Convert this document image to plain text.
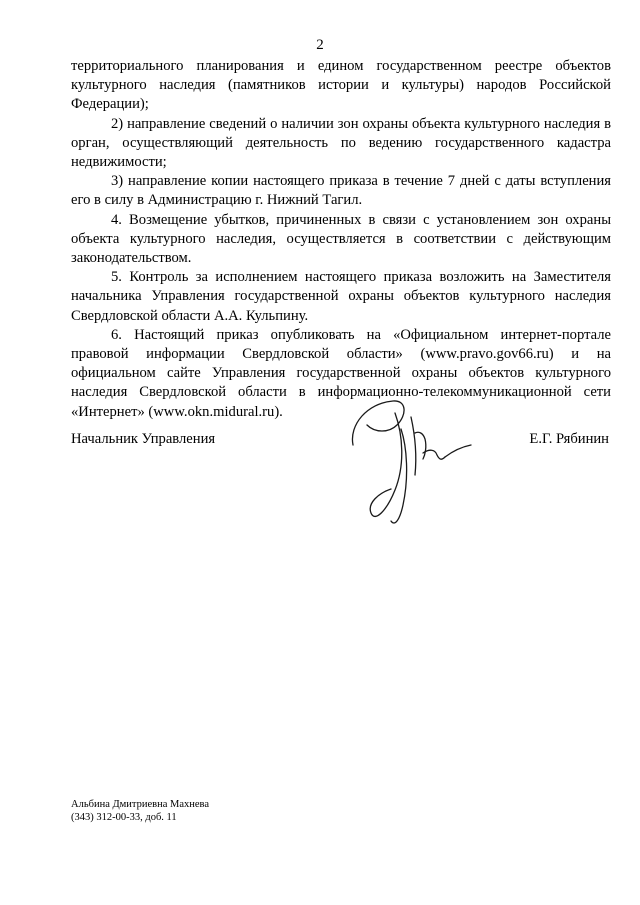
2

территориального планирования и едином государственном реестре объектов культурного наследия (памятников истории и культуры) народов Российской Федерации);

2) направление сведений о наличии зон охраны объекта культурного наследия в орган, осуществляющий деятельность по ведению государственного кадастра недвижимости;

3) направление копии настоящего приказа в течение 7 дней с даты вступления его в силу в Администрацию г. Нижний Тагил.

4. Возмещение убытков, причиненных в связи с установлением зон охраны объекта культурного наследия, осуществляется в соответствии с действующим законодательством.

5. Контроль за исполнением настоящего приказа возложить на Заместителя начальника Управления государственной охраны объектов культурного наследия Свердловской области А.А. Кульпину.

6. Настоящий приказ опубликовать на «Официальном интернет-портале правовой информации Свердловской области» (www.pravo.gov66.ru) и на официальном сайте Управления государственной охраны объектов культурного наследия Свердловской области в информационно-телекоммуникационной сети «Интернет» (www.okn.midural.ru).

Начальник Управления	Е.Г. Рябинин
Альбина Дмитриевна Махнева
(343) 312-00-33, доб. 11
